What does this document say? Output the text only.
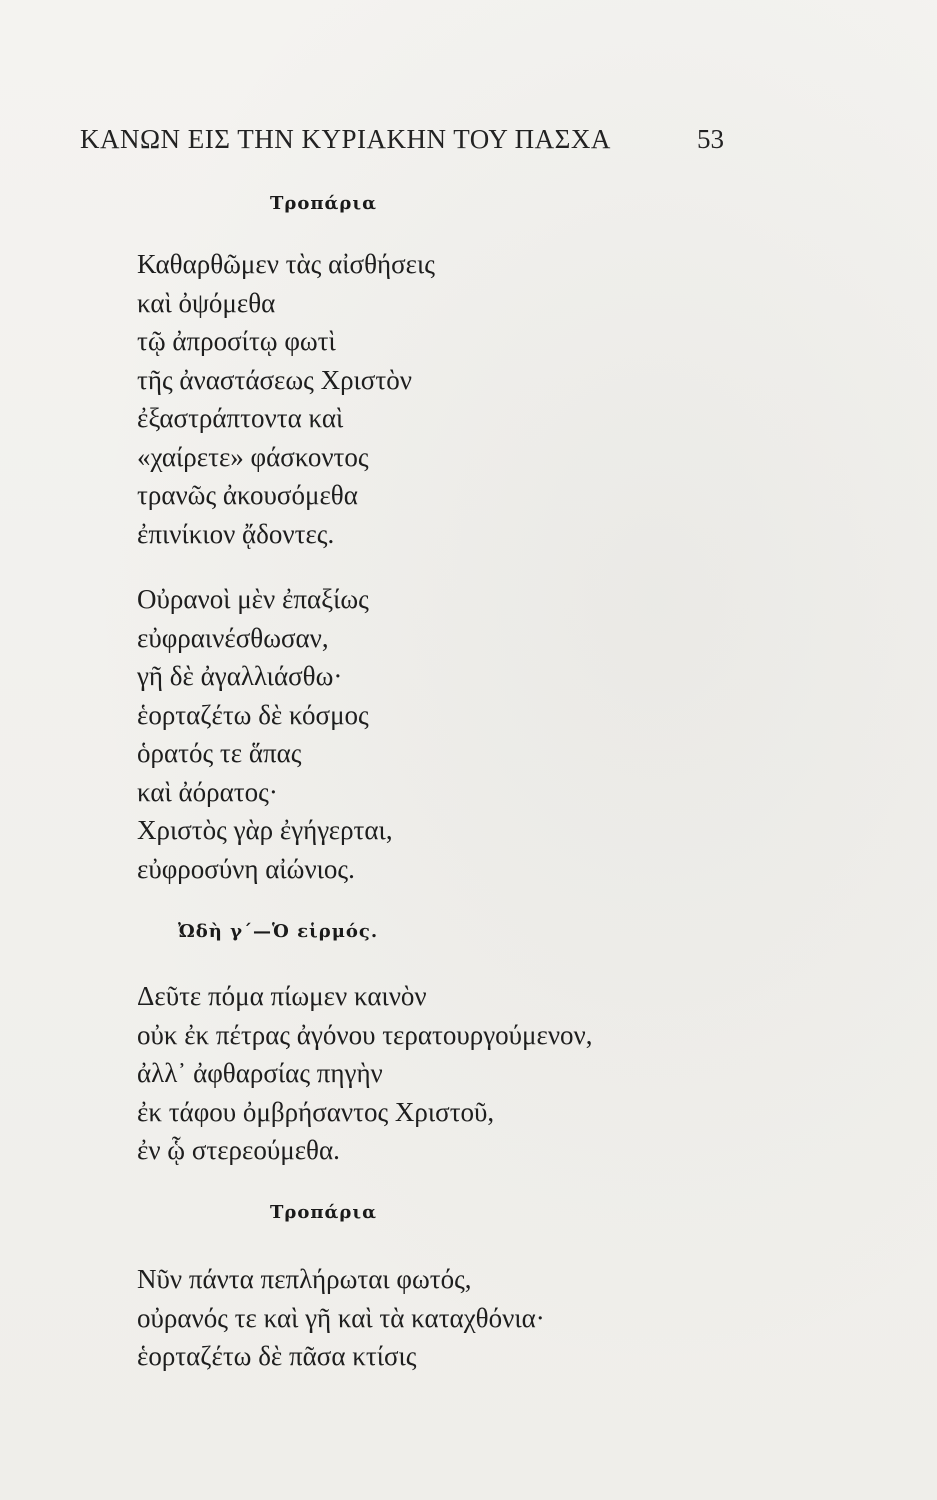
ΚΑΝΩΝ ΕΙΣ ΤΗΝ ΚΥΡΙΑΚΗΝ ΤΟΥ ΠΑΣΧΑ	53
Τροπάρια
Καθαρθῶμεν τὰς αἰσθήσεις
καὶ ὀψόμεθα
τῷ ἀπροσίτῳ φωτὶ
τῆς ἀναστάσεως Χριστὸν
ἐξαστράπτοντα καὶ
«χαίρετε» φάσκοντος
τρανῶς ἀκουσόμεθα
ἐπινίκιον ᾄδοντες.
Οὐρανοὶ μὲν ἐπαξίως
εὐφραινέσθωσαν,
γῆ δὲ ἀγαλλιάσθω·
ἑορταζέτω δὲ κόσμος
ὁρατός τε ἅπας
καὶ ἀόρατος·
Χριστὸς γὰρ ἐγήγερται,
εὐφροσύνη αἰώνιος.
Ὠδὴ γ΄—Ὁ εἱρμός.
Δεῦτε πόμα πίωμεν καινὸν
οὐκ ἐκ πέτρας ἀγόνου τερατουργούμενον,
ἀλλ᾽ ἀφθαρσίας πηγὴν
ἐκ τάφου ὀμβρήσαντος Χριστοῦ,
ἐν ᾧ στερεούμεθα.
Τροπάρια
Νῦν πάντα πεπλήρωται φωτός,
οὐρανός τε καὶ γῆ καὶ τὰ καταχθόνια·
ἑορταζέτω δὲ πᾶσα κτίσις
